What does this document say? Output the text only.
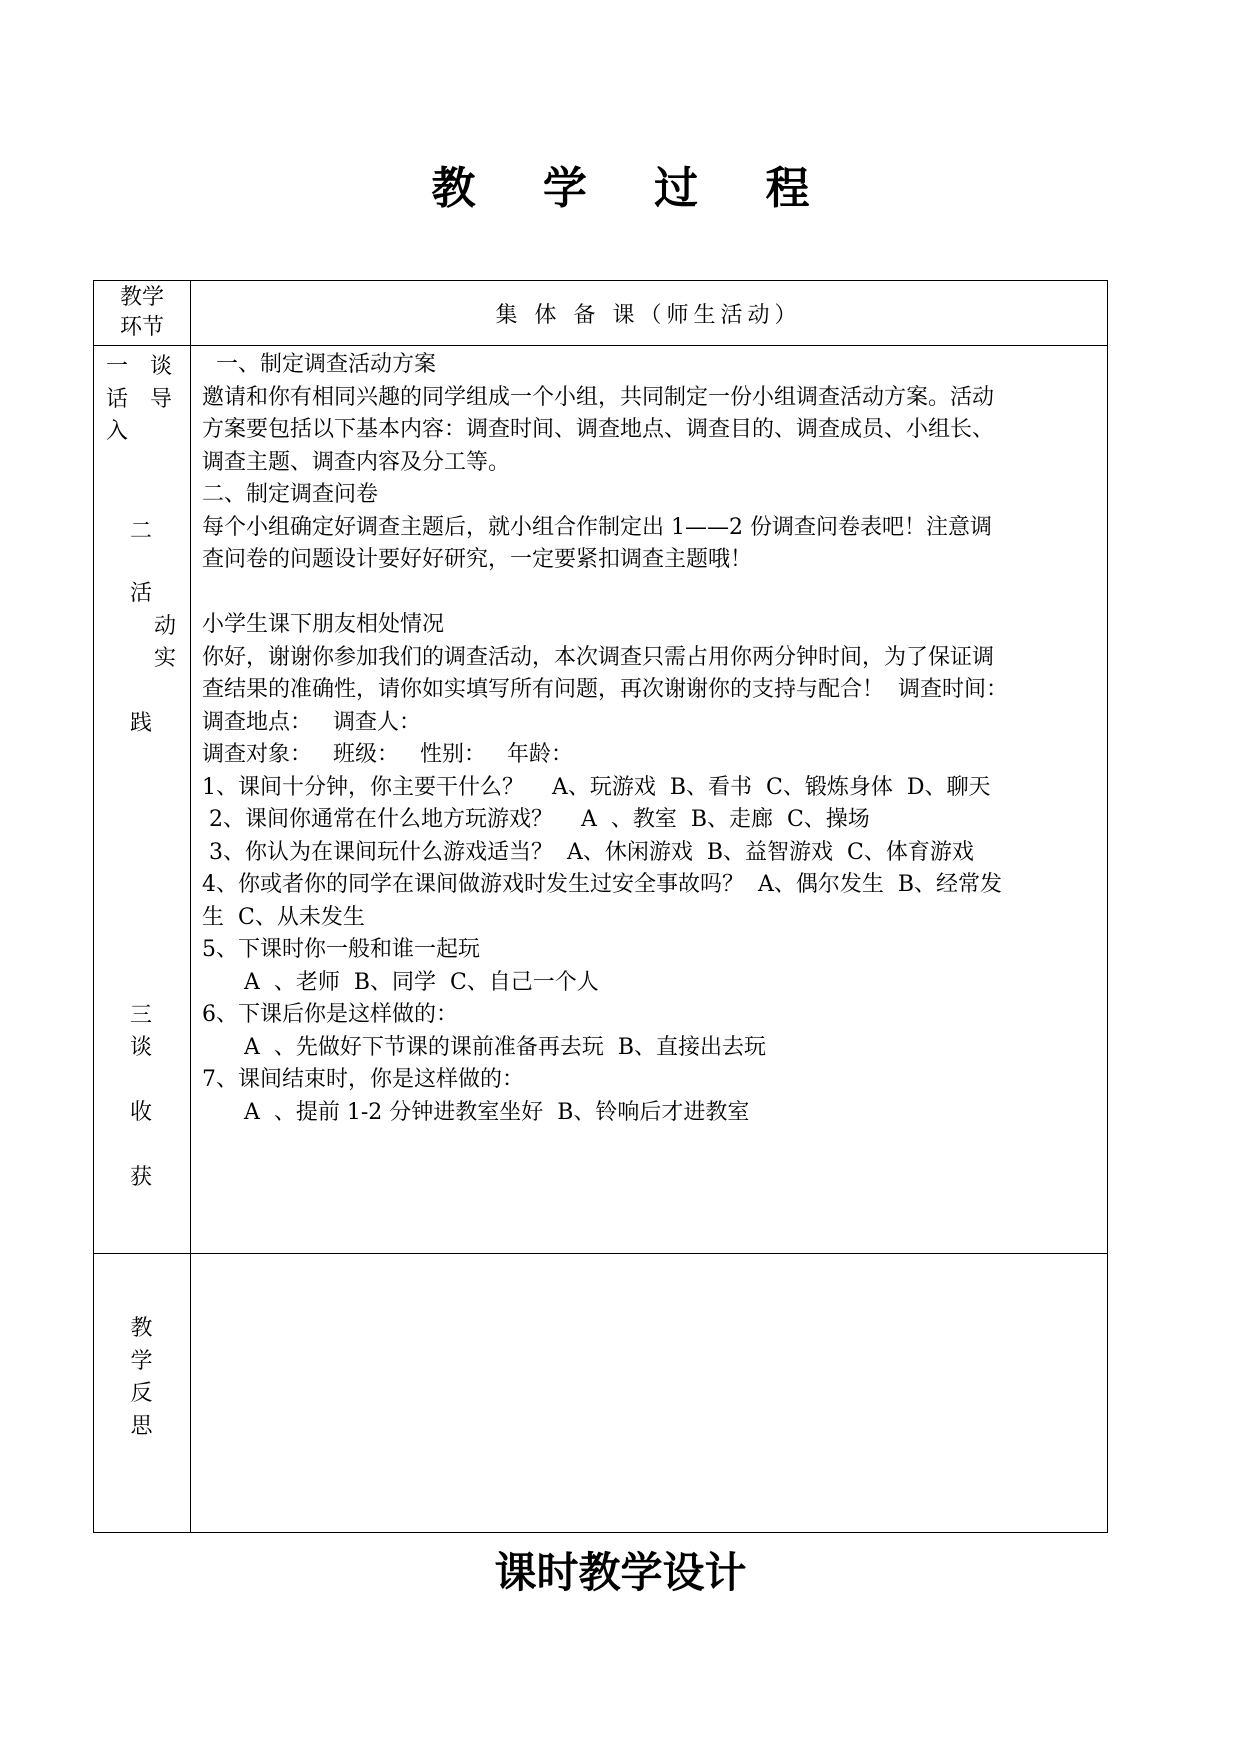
教 学 过 程
教学
环节	集 体 备 课（师生活动）
一　谈
话　导
入
二
活
动
实
践
三
谈
收
获
一、制定调查活动方案
邀请和你有相同兴趣的同学组成一个小组，共同制定一份小组调查活动方案。活动
方案要包括以下基本内容：调查时间、调查地点、调查目的、调查成员、小组长、
调查主题、调查内容及分工等。
二、制定调查问卷
每个小组确定好调查主题后，就小组合作制定出 1——2 份调查问卷表吧！注意调
查问卷的问题设计要好好研究，一定要紧扣调查主题哦！
小学生课下朋友相处情况
你好，谢谢你参加我们的调查活动，本次调查只需占用你两分钟时间，为了保证调
查结果的准确性，请你如实填写所有问题，再次谢谢你的支持与配合！  调查时间：
调查地点：   调查人：
调查对象：   班级：   性别：   年龄：
1、课间十分钟，你主要干什么？    A、玩游戏  B、看书  C、锻炼身体  D、聊天
2、课间你通常在什么地方玩游戏？    A  、教室  B、走廊  C、操场
3、你认为在课间玩什么游戏适当？  A、休闲游戏  B、益智游戏  C、体育游戏
4、你或者你的同学在课间做游戏时发生过安全事故吗？  A、偶尔发生  B、经常发
生  C、从未发生
5、下课时你一般和谁一起玩
A  、老师  B、同学  C、自己一个人
6、下课后你是这样做的：
A  、先做好下节课的课前准备再去玩  B、直接出去玩
7、课间结束时，你是这样做的：
A  、提前 1-2 分钟进教室坐好  B、铃响后才进教室
教
学
反
思
课时教学设计
